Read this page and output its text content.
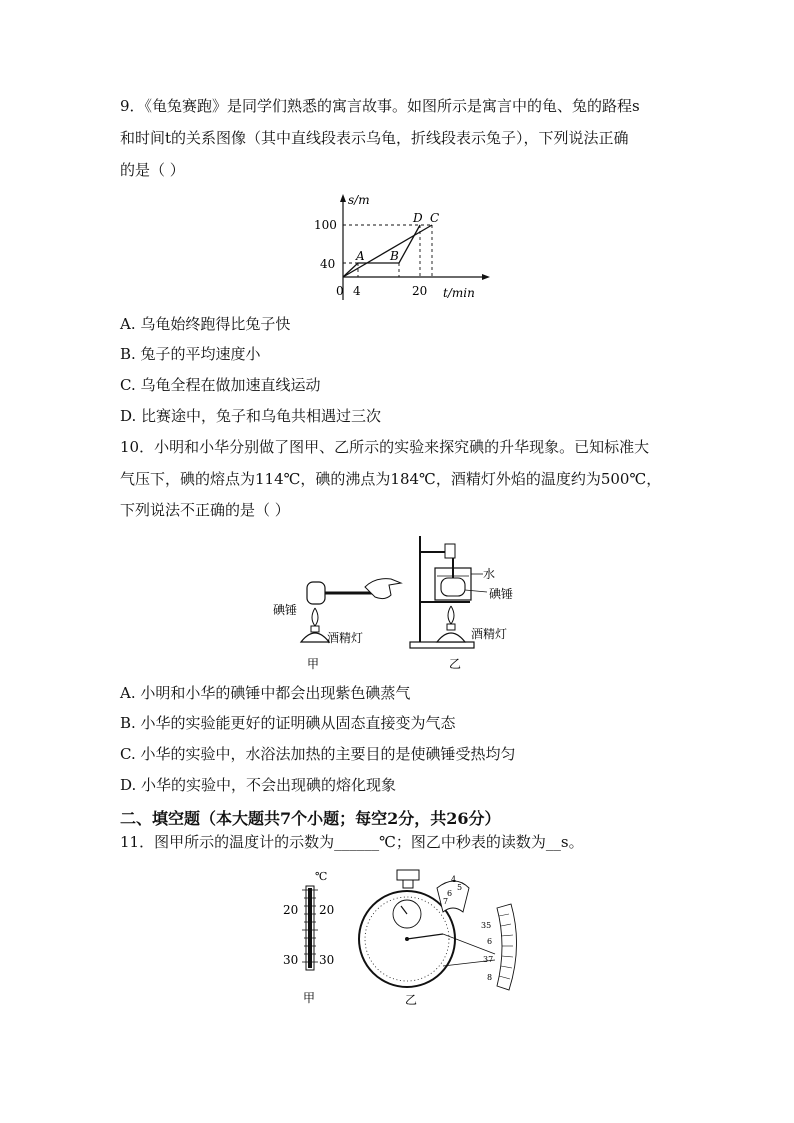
9．《龟兔赛跑》是同学们熟悉的寓言故事。如图所示是寓言中的龟、兔的路程s
和时间t的关系图像（其中直线段表示乌龟，折线段表示兔子），下列说法正确
的是（ ）
s/m
t/min
0 4	20
40
100
A B
C
D
A. 乌龟始终跑得比兔子快
B. 兔子的平均速度小
C. 乌龟全程在做加速直线运动
D. 比赛途中，兔子和乌龟共相遇过三次
10．小明和小华分别做了图甲、乙所示的实验来探究碘的升华现象。已知标准大
气压下，碘的熔点为114℃，碘的沸点为184℃，酒精灯外焰的温度约为500℃，
下列说法不正确的是（ ）
碘锤
酒精灯
甲
水
碘锤
酒精灯
乙
A. 小明和小华的碘锤中都会出现紫色碘蒸气
B. 小华的实验能更好的证明碘从固态直接变为气态
C. 小华的实验中，水浴法加热的主要目的是使碘锤受热均匀
D. 小华的实验中，不会出现碘的熔化现象
二、填空题（本大题共7个小题；每空2分，共26分）
11．图甲所示的温度计的示数为______℃；图乙中秒表的读数为__s。
℃
20 20
30 30
甲
4
5
6
7
35
6
37
8
乙
